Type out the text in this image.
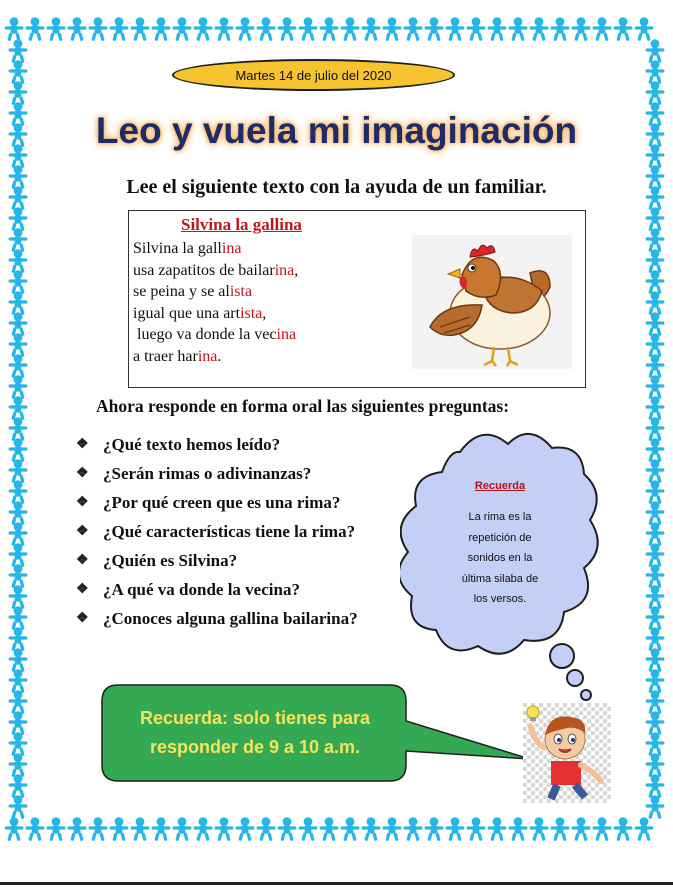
Martes 14 de julio del 2020
Leo y vuela mi imaginación
Lee el siguiente texto con la ayuda de un familiar.
Silvina la gallina
Silvina la gallina
usa zapatitos de bailarina,
se peina y se alista
igual que una artista,
luego va donde la vecina
a traer harina.
Ahora responde en forma oral las siguientes preguntas:
❖ ¿Qué texto hemos leído?
❖ ¿Serán rimas o adivinanzas?
❖ ¿Por qué creen que es una rima?
❖ ¿Qué características tiene la rima?
❖ ¿Quién es Silvina?
❖ ¿A qué va donde la vecina?
❖ ¿Conoces alguna gallina bailarina?
Recuerda
La rima es la
repetición de
sonidos en la
última silaba de
los versos.
Recuerda: solo tienes para
responder de 9 a 10 a.m.
